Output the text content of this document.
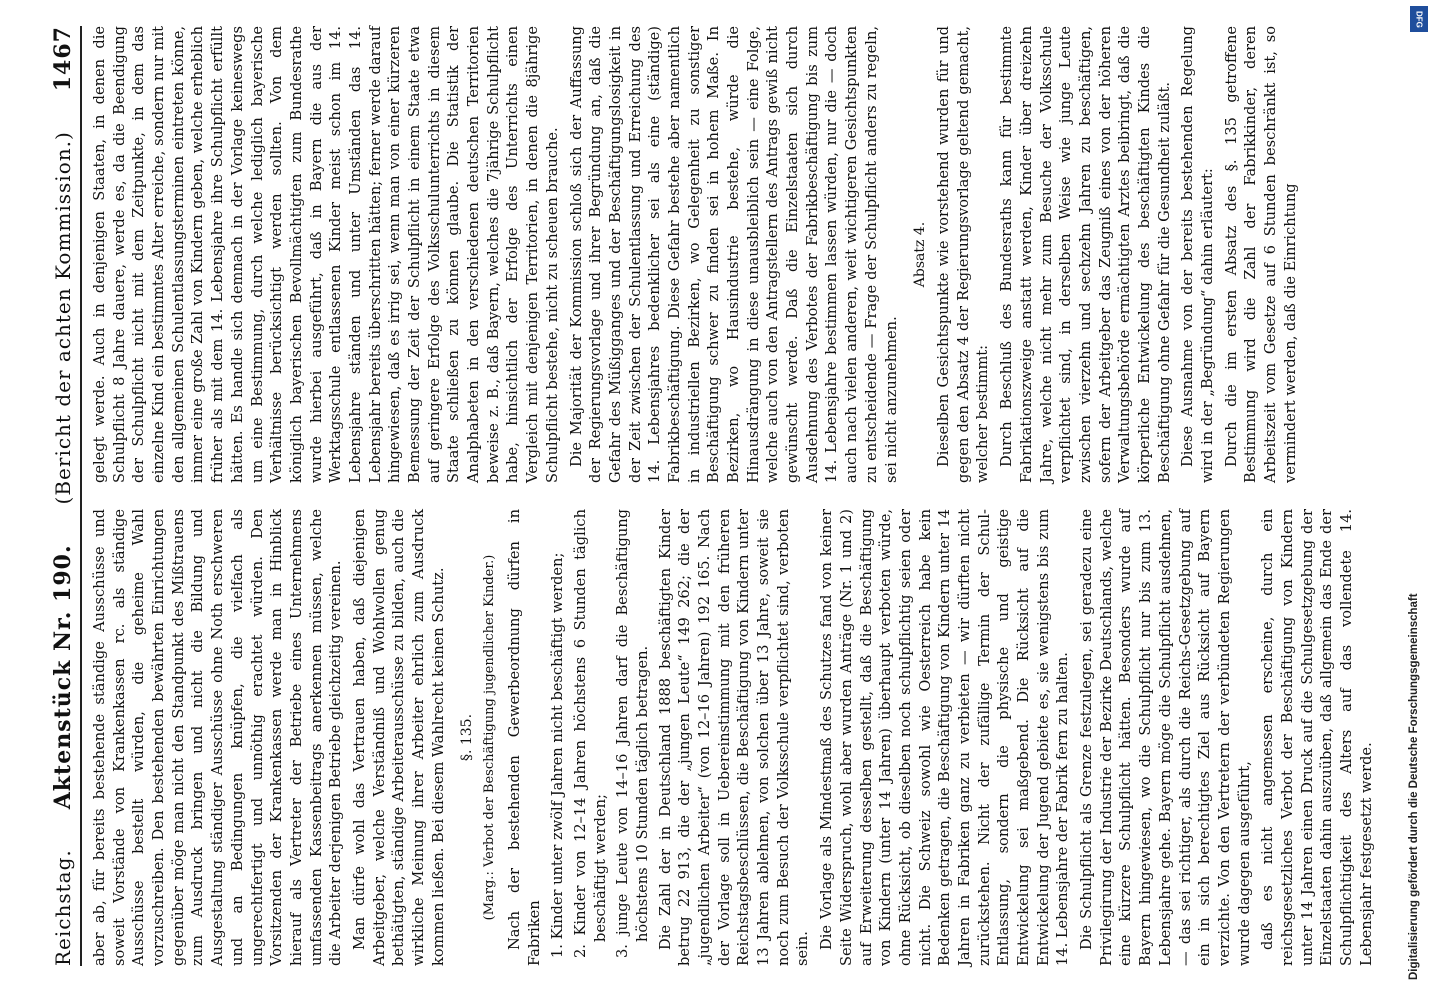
Reichstag.
Aktenstück Nr. 190.
(Bericht der achten Kommission.)
1467

aber ab, für bereits bestehende ständige Ausschüsse und soweit Vorstände von Krankenkassen rc. als ständige Ausschüsse bestellt würden, die geheime Wahl vorzuschreiben. Den bestehenden bewährten Einrichtungen gegenüber möge man nicht den Standpunkt des Mißtrauens zum Ausdruck bringen und nicht die Bildung und Ausgestaltung ständiger Ausschüsse ohne Noth erschweren und an Bedingungen knüpfen, die vielfach als ungerechtfertigt und unnöthig erachtet würden. Den Vorsitzenden der Krankenkassen werde man in Hinblick hierauf als Vertreter der Betriebe eines Unternehmens umfassenden Kassenbeitrags anerkennen müssen, welche die Arbeiter derjenigen Betriebe gleichzeitig vereinen. Man dürfe wohl das Vertrauen haben, daß diejenigen Arbeitgeber, welche Verständniß und Wohlwollen genug bethätigten, ständige Arbeiterausschüsse zu bilden, auch die wirkliche Meinung ihrer Arbeiter ehrlich zum Ausdruck kommen ließen. Bei diesem Wahlrecht keinen Schutz. §. 135. (Marg.: Verbot der Beschäftigung jugendlicher Kinder.) Nach der bestehenden Gewerbeordnung dürfen in Fabriken 1. Kinder unter zwölf Jahren nicht beschäftigt werden; 2. Kinder von 12–14 Jahren höchstens 6 Stunden täglich beschäftigt werden; 3. junge Leute von 14–16 Jahren darf die Beschäftigung höchstens 10 Stunden täglich betragen. Die Zahl der in Deutschland 1888 beschäftigten Kinder betrug 22 913, die der „jungen Leute“ 149 262; die der „jugendlichen Arbeiter“ (von 12–16 Jahren) 192 165. Nach der Vorlage soll in Uebereinstimmung mit den früheren Reichstagsbeschlüssen, die Beschäftigung von Kindern unter 13 Jahren ablehnen, von solchen über 13 Jahre, soweit sie noch zum Besuch der Volksschule verpflichtet sind, verboten sein. Die Vorlage als Mindestmaß des Schutzes fand von keiner Seite Widerspruch, wohl aber wurden Anträge (Nr. 1 und 2) auf Erweiterung desselben gestellt, daß die Beschäftigung von Kindern (unter 14 Jahren) überhaupt verboten würde, ohne Rücksicht, ob dieselben noch schulpflichtig seien oder nicht. Die Schweiz sowohl wie Oesterreich habe kein Bedenken getragen, die Beschäftigung von Kindern unter 14 Jahren in Fabriken ganz zu verbieten — wir dürften nicht zurückstehen. Nicht der zufällige Termin der Schul-Entlassung, sondern die physische und geistige Entwickelung sei maßgebend. Die Rücksicht auf die Entwickelung der Jugend gebiete es, sie wenigstens bis zum 14. Lebensjahre der Fabrik fern zu halten. Die Schulpflicht als Grenze festzulegen, sei geradezu eine Privilegirung der Industrie der Bezirke Deutschlands, welche eine kürzere Schulpflicht hätten. Besonders wurde auf Bayern hingewiesen, wo die Schulpflicht nur bis zum 13. Lebensjahre gehe. Bayern möge die Schulpflicht ausdehnen, — das sei richtiger, als durch die Reichs-Gesetzgebung auf ein in sich berechtigtes Ziel aus Rücksicht auf Bayern verzichte. Von den Vertretern der verbündeten Regierungen wurde dagegen ausgeführt, daß es nicht angemessen erscheine, durch ein reichsgesetzliches Verbot der Beschäftigung von Kindern unter 14 Jahren einen Druck auf die Schulgesetzgebung der Einzelstaaten dahin auszuüben, daß allgemein das Ende der Schulpflichtigkeit des Alters auf das vollendete 14. Lebensjahr festgesetzt werde.

gelegt werde. Auch in denjenigen Staaten, in denen die Schulpflicht 8 Jahre dauere, werde es, da die Beendigung der Schulpflicht nicht mit dem Zeitpunkte, in dem das einzelne Kind ein bestimmtes Alter erreiche, sondern nur mit den allgemeinen Schulentlassungsterminen eintreten könne, immer eine große Zahl von Kindern geben, welche erheblich früher als mit dem 14. Lebensjahre ihre Schulpflicht erfüllt hätten. Es handle sich demnach in der Vorlage keineswegs um eine Bestimmung, durch welche lediglich bayerische Verhältnisse berücksichtigt werden sollten. Von dem königlich bayerischen Bevollmächtigten zum Bundesrathe wurde hierbei ausgeführt, daß in Bayern die aus der Werktagsschule entlassenen Kinder meist schon im 14. Lebensjahre ständen und unter Umständen das 14. Lebensjahr bereits überschritten hätten; ferner werde darauf hingewiesen, daß es irrig sei, wenn man von einer kürzeren Bemessung der Zeit der Schulpflicht in einem Staate etwa auf geringere Erfolge des Volksschulunterrichts in diesem Staate schließen zu können glaube. Die Statistik der Analphabeten in den verschiedenen deutschen Territorien beweise z. B., daß Bayern, welches die 7jährige Schulpflicht habe, hinsichtlich der Erfolge des Unterrichts einen Vergleich mit denjenigen Territorien, in denen die 8jährige Schulpflicht bestehe, nicht zu scheuen brauche. Die Majorität der Kommission schloß sich der Auffassung der Regierungsvorlage und ihrer Begründung an, daß die Gefahr des Müßigganges und der Beschäftigungslosigkeit in der Zeit zwischen der Schulentlassung und Erreichung des 14. Lebensjahres bedenklicher sei als eine (ständige) Fabrikbeschäftigung. Diese Gefahr bestehe aber namentlich in industriellen Bezirken, wo Gelegenheit zu sonstiger Beschäftigung schwer zu finden sei in hohem Maße. In Bezirken, wo Hausindustrie bestehe, würde die Hinausdrängung in diese unausbleiblich sein — eine Folge, welche auch von den Antragstellern des Antrags gewiß nicht gewünscht werde. Daß die Einzelstaaten sich durch Ausdehnung des Verbotes der Fabrikbeschäftigung bis zum 14. Lebensjahre bestimmen lassen würden, nur die — doch auch nach vielen anderen, weit wichtigeren Gesichtspunkten zu entscheidende — Frage der Schulpflicht anders zu regeln, sei nicht anzunehmen.

Absatz 4. Dieselben Gesichtspunkte wie vorstehend wurden für und gegen den Absatz 4 der Regierungsvorlage geltend gemacht, welcher bestimmt: Durch Beschluß des Bundesraths kann für bestimmte Fabrikationszweige anstatt werden, Kinder über dreizehn Jahre, welche nicht mehr zum Besuche der Volksschule verpflichtet sind, in derselben Weise wie junge Leute zwischen vierzehn und sechzehn Jahren zu beschäftigen, sofern der Arbeitgeber das Zeugniß eines von der höheren Verwaltungsbehörde ermächtigten Arztes beibringt, daß die körperliche Entwickelung des beschäftigten Kindes die Beschäftigung ohne Gefahr für die Gesundheit zuläßt. Diese Ausnahme von der bereits bestehenden Regelung wird in der „Begründung“ dahin erläutert: Durch die im ersten Absatz des §. 135 getroffene Bestimmung wird die Zahl der Fabrikkinder, deren Arbeitszeit vom Gesetze auf 6 Stunden beschränkt ist, so vermindert werden, daß die Einrichtung

Digitalisierung gefördert durch die Deutsche Forschungsgemeinschaft
DFG
